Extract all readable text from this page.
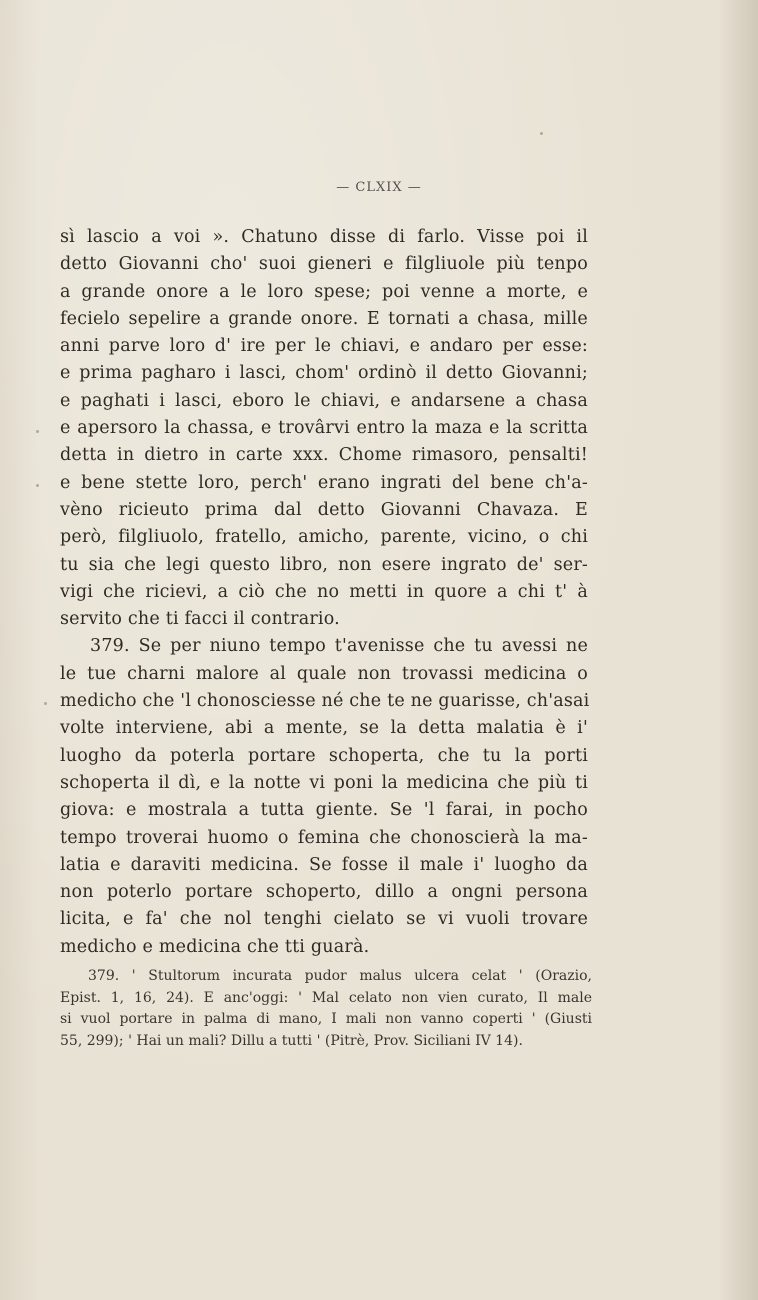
— CLXIX —
sì lascio a voi ». Chatuno disse di farlo. Visse poi il
detto Giovanni cho' suoi gieneri e filgliuole più tenpo
a grande onore a le loro spese; poi venne a morte, e
fecielo sepelire a grande onore. E tornati a chasa, mille
anni parve loro d' ire per le chiavi, e andaro per esse:
e prima pagharo i lasci, chom' ordinò il detto Giovanni;
e paghati i lasci, eboro le chiavi, e andarsene a chasa
e apersoro la chassa, e trovârvi entro la maza e la scritta
detta in dietro in carte xxx. Chome rimasoro, pensalti!
e bene stette loro, perch' erano ingrati del bene ch'a-
vèno ricieuto prima dal detto Giovanni Chavaza. E
però, filgliuolo, fratello, amicho, parente, vicino, o chi
tu sia che legi questo libro, non esere ingrato de' ser-
vigi che ricievi, a ciò che no metti in quore a chi t' à
servito che ti facci il contrario.
379. Se per niuno tempo t'avenisse che tu avessi ne
le tue charni malore al quale non trovassi medicina o
medicho che 'l chonosciesse né che te ne guarisse, ch'asai
volte interviene, abi a mente, se la detta malatia è i'
luogho da poterla portare schoperta, che tu la porti
schoperta il dì, e la notte vi poni la medicina che più ti
giova: e mostrala a tutta giente. Se 'l farai, in pocho
tempo troverai huomo o femina che chonoscierà la ma-
latia e daraviti medicina. Se fosse il male i' luogho da
non poterlo portare schoperto, dillo a ongni persona
licita, e fa' che nol tenghi cielato se vi vuoli trovare
medicho e medicina che tti guarà.
379. ' Stultorum incurata pudor malus ulcera celat ' (Orazio,
Epist. 1, 16, 24). E anc'oggi: ' Mal celato non vien curato, Il male
si vuol portare in palma di mano, I mali non vanno coperti ' (Giusti
55, 299); ' Hai un mali? Dillu a tutti ' (Pitrè, Prov. Siciliani IV 14).
